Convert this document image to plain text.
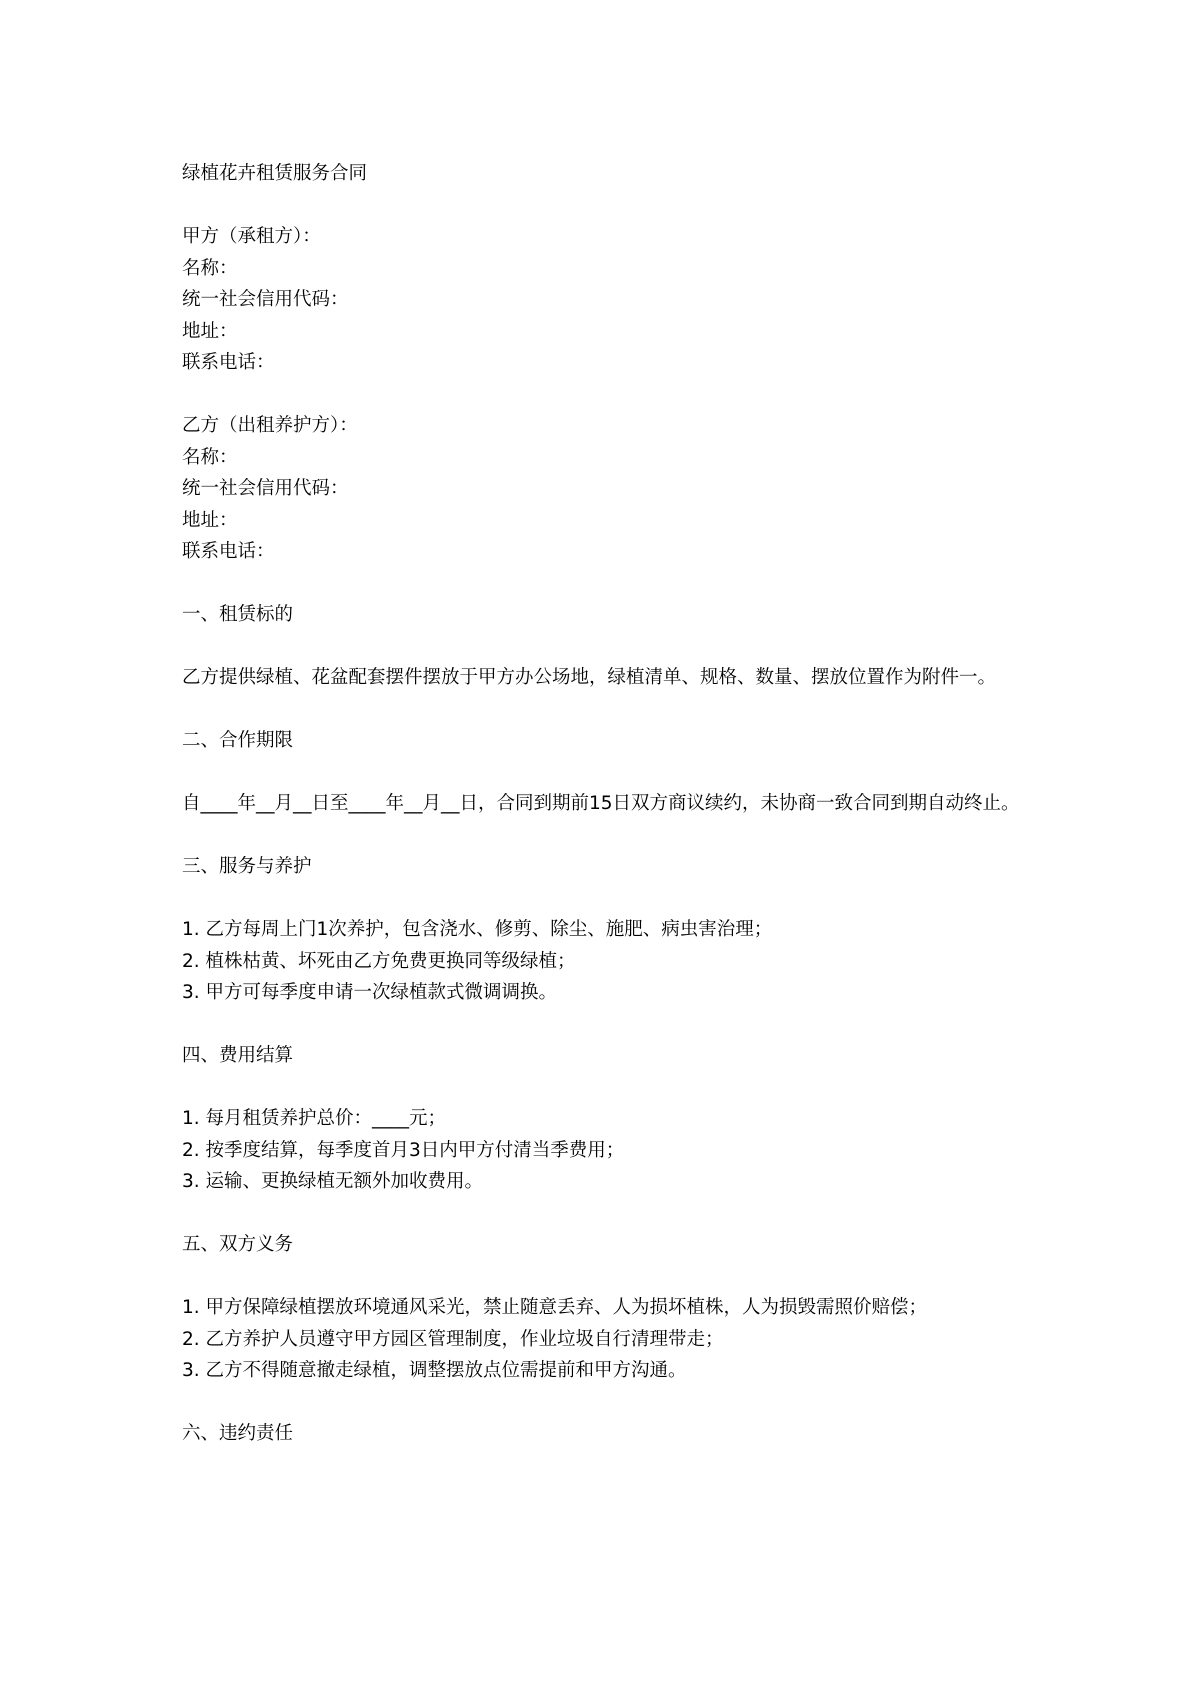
绿植花卉租赁服务合同

甲方（承租方）：

名称：

统一社会信用代码：

地址：

联系电话：

乙方（出租养护方）：

名称：

统一社会信用代码：

地址：

联系电话：

一、租赁标的

乙方提供绿植、花盆配套摆件摆放于甲方办公场地，绿植清单、规格、数量、摆放位置作为附件一。

二、合作期限

自____年__月__日至____年__月__日，合同到期前15日双方商议续约，未协商一致合同到期自动终止。

三、服务与养护

1. 乙方每周上门1次养护，包含浇水、修剪、除尘、施肥、病虫害治理；

2. 植株枯黄、坏死由乙方免费更换同等级绿植；

3. 甲方可每季度申请一次绿植款式微调调换。

四、费用结算

1. 每月租赁养护总价：____元；

2. 按季度结算，每季度首月3日内甲方付清当季费用；

3. 运输、更换绿植无额外加收费用。

五、双方义务

1. 甲方保障绿植摆放环境通风采光，禁止随意丢弃、人为损坏植株，人为损毁需照价赔偿；

2. 乙方养护人员遵守甲方园区管理制度，作业垃圾自行清理带走；

3. 乙方不得随意撤走绿植，调整摆放点位需提前和甲方沟通。

六、违约责任
